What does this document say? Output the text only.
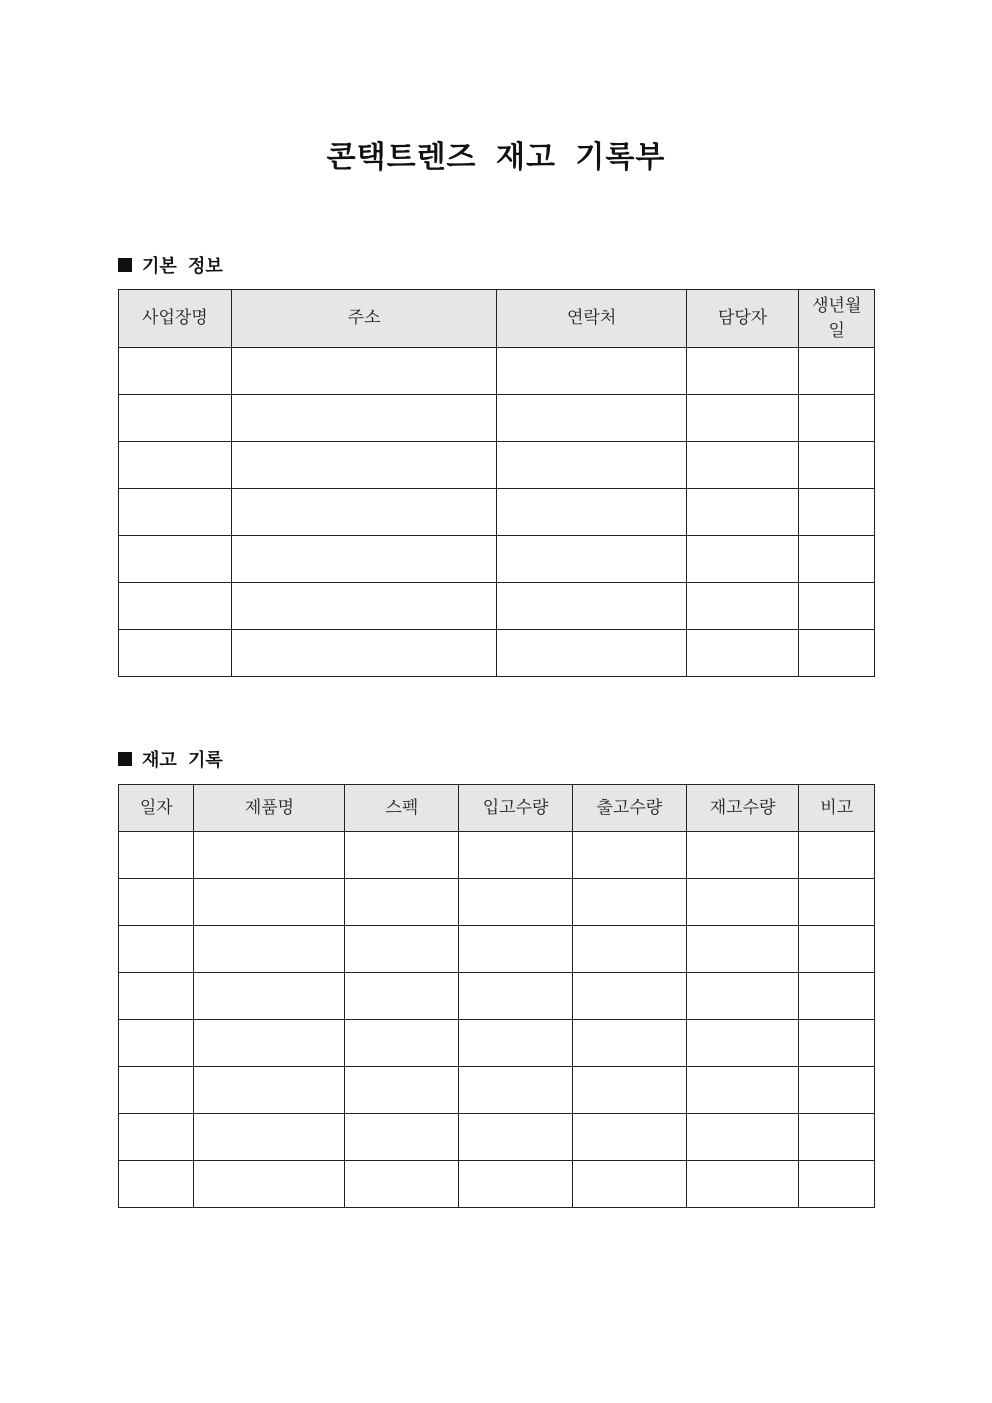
콘택트렌즈 재고 기록부
기본 정보
사업장명	주소	연락처	담당자	생년월일

재고 기록
일자	제품명	스펙	입고수량	출고수량	재고수량	비고
